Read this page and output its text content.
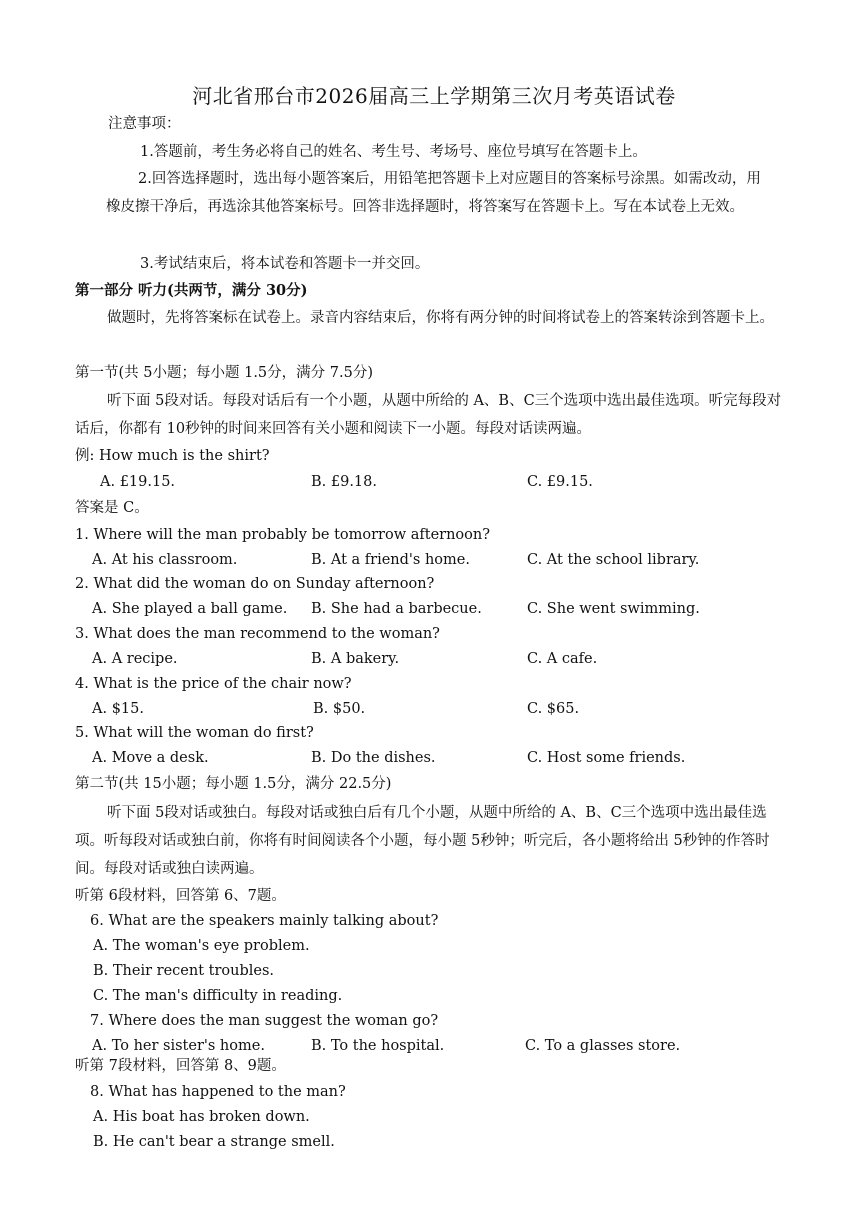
河北省邢台市2026届高三上学期第三次月考英语试卷
注意事项：
1.答题前，考生务必将自己的姓名、考生号、考场号、座位号填写在答题卡上。
2.回答选择题时，选出每小题答案后，用铅笔把答题卡上对应题目的答案标号涂黑。如需改动，用橡皮擦干净后，再选涂其他答案标号。回答非选择题时，将答案写在答题卡上。写在本试卷上无效。
3.考试结束后，将本试卷和答题卡一并交回。
第一部分 听力(共两节，满分 30分)
做题时，先将答案标在试卷上。录音内容结束后，你将有两分钟的时间将试卷上的答案转涂到答题卡上。
第一节(共 5小题；每小题 1.5分，满分 7.5分)
听下面 5段对话。每段对话后有一个小题，从题中所给的 A、B、C三个选项中选出最佳选项。听完每段对话后，你都有 10秒钟的时间来回答有关小题和阅读下一小题。每段对话读两遍。
例: How much is the shirt?
A. £19.15.	B. £9.18.	C. £9.15.
答案是 C。
1. Where will the man probably be tomorrow afternoon?
A. At his classroom.	B. At a friend's home.	C. At the school library.
2. What did the woman do on Sunday afternoon?
A. She played a ball game. B. She had a barbecue.	C. She went swimming.
3. What does the man recommend to the woman?
A. A recipe.	B. A bakery.	C. A cafe.
4. What is the price of the chair now?
A. $15.	B. $50.	C. $65.
5. What will the woman do first?
A. Move a desk.	B. Do the dishes.	C. Host some friends.
第二节(共 15小题；每小题 1.5分，满分 22.5分)
听下面 5段对话或独白。每段对话或独白后有几个小题，从题中所给的 A、B、C三个选项中选出最佳选项。听每段对话或独白前，你将有时间阅读各个小题，每小题 5秒钟；听完后，各小题将给出 5秒钟的作答时间。每段对话或独白读两遍。
听第 6段材料，回答第 6、7题。
6. What are the speakers mainly talking about?
A. The woman's eye problem.
B. Their recent troubles.
C. The man's difficulty in reading.
7. Where does the man suggest the woman go?
A. To her sister's home.	B. To the hospital.	C. To a glasses store.
听第 7段材料，回答第 8、9题。
8. What has happened to the man?
A. His boat has broken down.
B. He can't bear a strange smell.
